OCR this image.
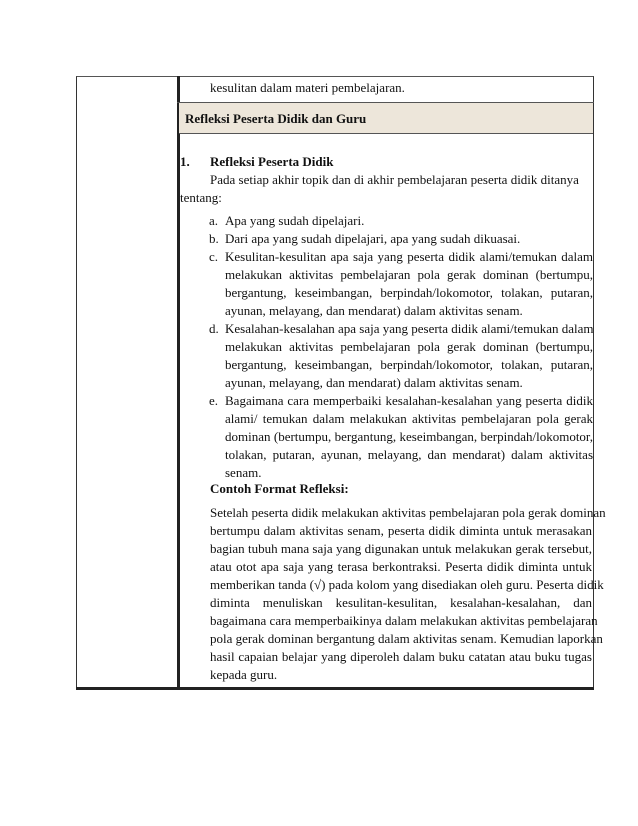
kesulitan dalam materi pembelajaran.
Refleksi Peserta Didik dan Guru
1. Refleksi Peserta Didik
Pada setiap akhir topik dan di akhir pembelajaran peserta didik ditanya
tentang:
a. Apa yang sudah dipelajari.
b. Dari apa yang sudah dipelajari, apa yang sudah dikuasai.
c. Kesulitan-kesulitan apa saja yang peserta didik alami/temukan dalam
melakukan aktivitas pembelajaran pola gerak dominan (bertumpu,
bergantung, keseimbangan, berpindah/lokomotor, tolakan, putaran,
ayunan, melayang, dan mendarat) dalam aktivitas senam.
d. Kesalahan-kesalahan apa saja yang peserta didik alami/temukan dalam
melakukan aktivitas pembelajaran pola gerak dominan (bertumpu,
bergantung, keseimbangan, berpindah/lokomotor, tolakan, putaran,
ayunan, melayang, dan mendarat) dalam aktivitas senam.
e. Bagaimana cara memperbaiki kesalahan-kesalahan yang peserta didik
alami/ temukan dalam melakukan aktivitas pembelajaran pola gerak
dominan (bertumpu, bergantung, keseimbangan, berpindah/lokomotor,
tolakan, putaran, ayunan, melayang, dan mendarat) dalam aktivitas
senam.
Contoh Format Refleksi:
Setelah peserta didik melakukan aktivitas pembelajaran pola gerak dominan
bertumpu dalam aktivitas senam, peserta didik diminta untuk merasakan
bagian tubuh mana saja yang digunakan untuk melakukan gerak tersebut,
atau otot apa saja yang terasa berkontraksi. Peserta didik diminta untuk
memberikan tanda (√) pada kolom yang disediakan oleh guru. Peserta didik
diminta menuliskan kesulitan-kesulitan, kesalahan-kesalahan, dan
bagaimana cara memperbaikinya dalam melakukan aktivitas pembelajaran
pola gerak dominan bergantung dalam aktivitas senam. Kemudian laporkan
hasil capaian belajar yang diperoleh dalam buku catatan atau buku tugas
kepada guru.
